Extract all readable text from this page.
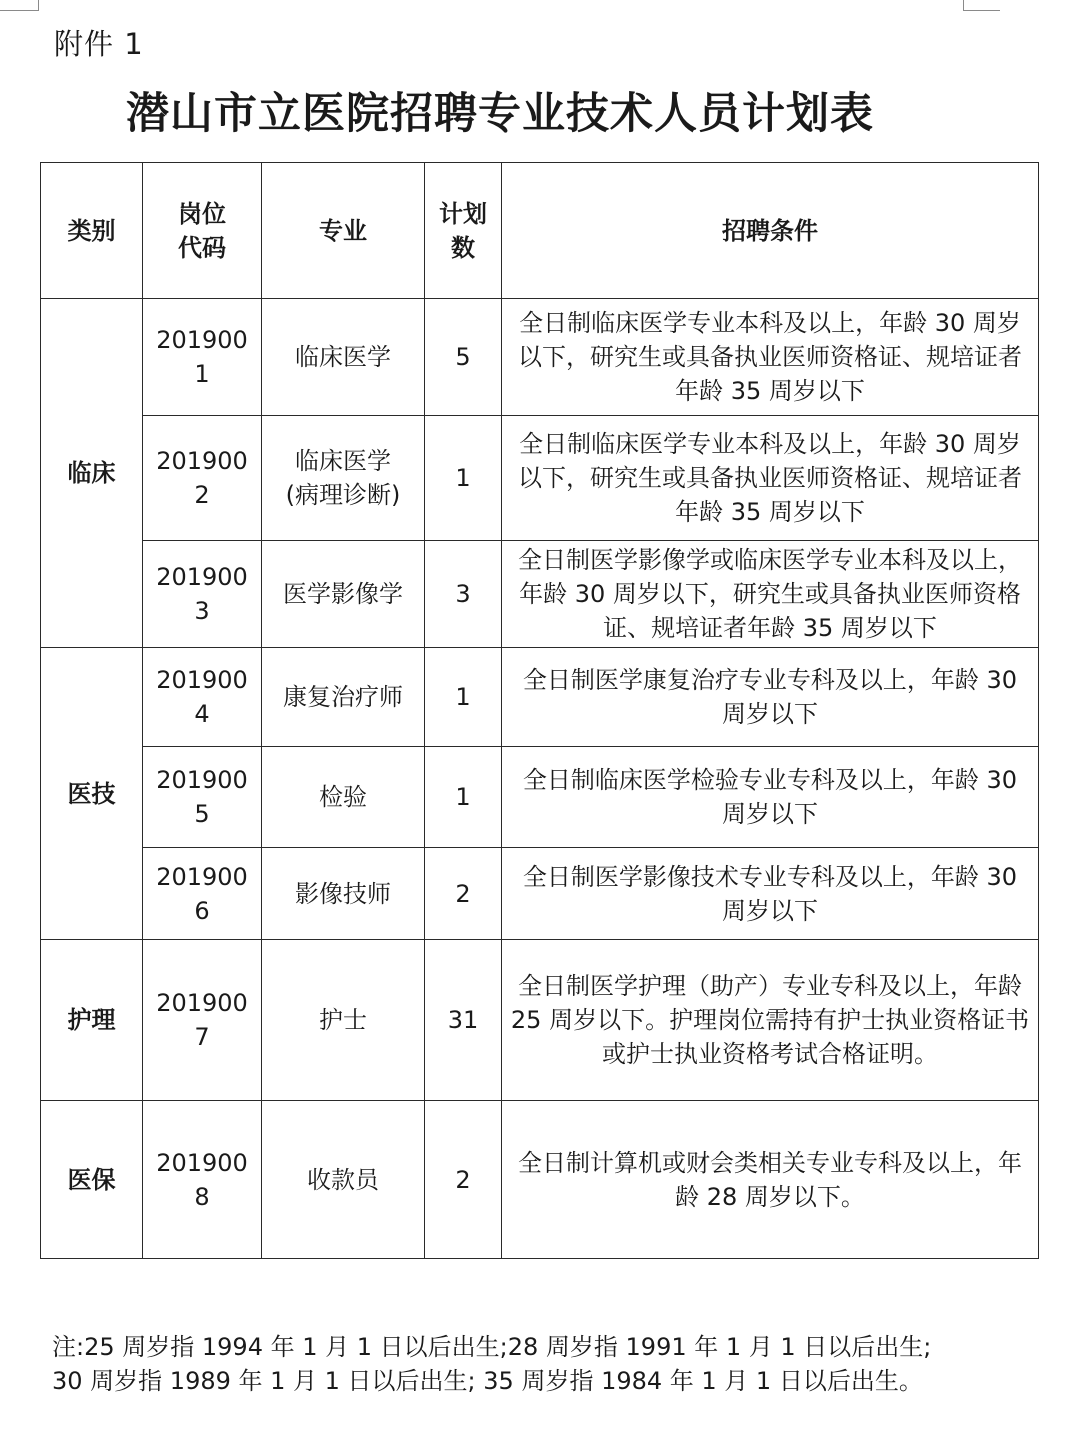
附件 1
潜山市立医院招聘专业技术人员计划表
类别	岗位代码	专业	计划数	招聘条件
临床	2019001	临床医学	5	全日制临床医学专业本科及以上，年龄 30 周岁以下，研究生或具备执业医师资格证、规培证者年龄 35 周岁以下
	2019002	临床医学(病理诊断)	1	全日制临床医学专业本科及以上，年龄 30 周岁以下，研究生或具备执业医师资格证、规培证者年龄 35 周岁以下
	2019003	医学影像学	3	全日制医学影像学或临床医学专业本科及以上，年龄 30 周岁以下，研究生或具备执业医师资格证、规培证者年龄 35 周岁以下
医技	2019004	康复治疗师	1	全日制医学康复治疗专业专科及以上，年龄 30 周岁以下
	2019005	检验	1	全日制临床医学检验专业专科及以上，年龄 30 周岁以下
	2019006	影像技师	2	全日制医学影像技术专业专科及以上，年龄 30 周岁以下
护理	2019007	护士	31	全日制医学护理（助产）专业专科及以上，年龄 25 周岁以下。护理岗位需持有护士执业资格证书或护士执业资格考试合格证明。
医保	2019008	收款员	2	全日制计算机或财会类相关专业专科及以上，年龄 28 周岁以下。
注:25 周岁指 1994 年 1 月 1 日以后出生;28 周岁指 1991 年 1 月 1 日以后出生;
30 周岁指 1989 年 1 月 1 日以后出生; 35 周岁指 1984 年 1 月 1 日以后出生。
